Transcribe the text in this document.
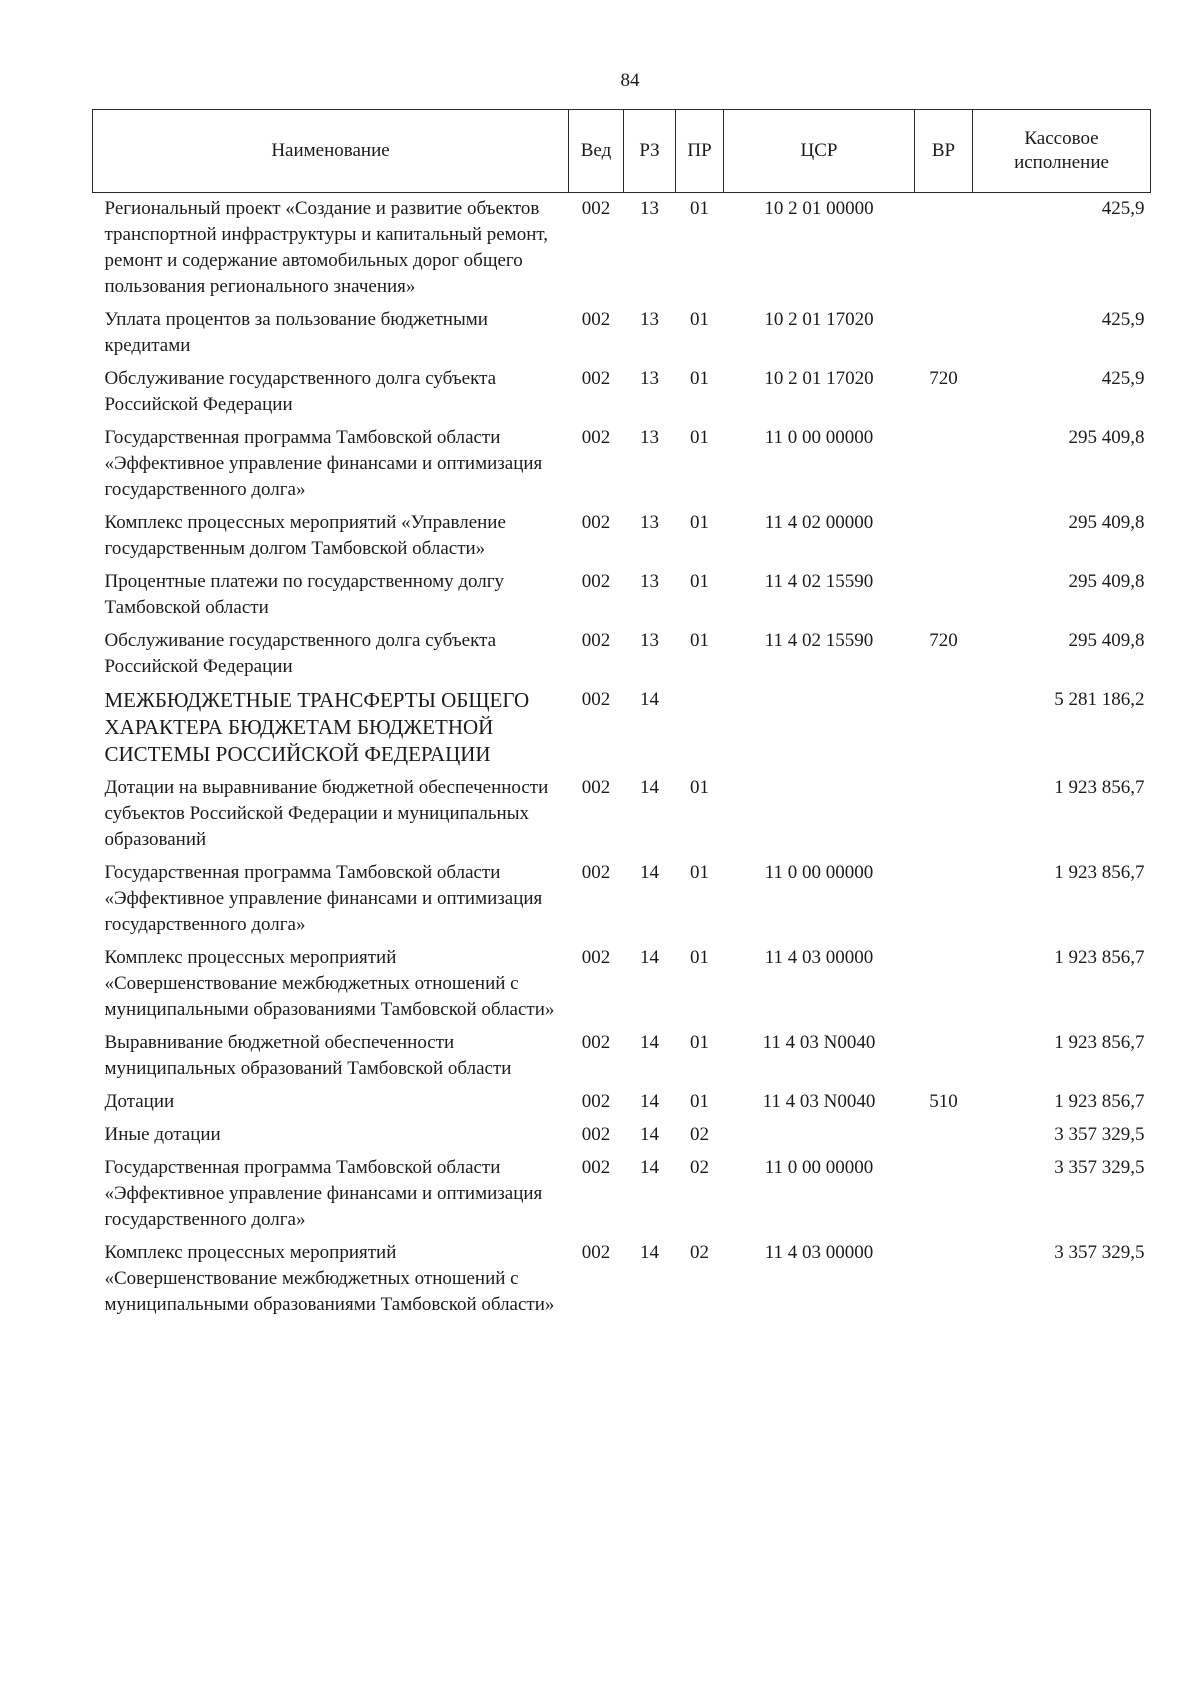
84
Наименование	Вед	РЗ	ПР	ЦСР	ВР	Кассовое исполнение
Региональный проект «Создание и развитие объектов транспортной инфраструктуры и капитальный ремонт, ремонт и содержание автомобильных дорог общего пользования регионального значения»	002	13	01	10 2 01 00000		425,9
Уплата процентов за пользование бюджетными кредитами	002	13	01	10 2 01 17020		425,9
Обслуживание государственного долга субъекта Российской Федерации	002	13	01	10 2 01 17020	720	425,9
Государственная программа Тамбовской области «Эффективное управление финансами и оптимизация государственного долга»	002	13	01	11 0 00 00000		295 409,8
Комплекс процессных мероприятий «Управление государственным долгом Тамбовской области»	002	13	01	11 4 02 00000		295 409,8
Процентные платежи по государственному долгу Тамбовской области	002	13	01	11 4 02 15590		295 409,8
Обслуживание государственного долга субъекта Российской Федерации	002	13	01	11 4 02 15590	720	295 409,8
МЕЖБЮДЖЕТНЫЕ ТРАНСФЕРТЫ ОБЩЕГО ХАРАКТЕРА БЮДЖЕТАМ БЮДЖЕТНОЙ СИСТЕМЫ РОССИЙСКОЙ ФЕДЕРАЦИИ	002	14				5 281 186,2
Дотации на выравнивание бюджетной обеспеченности субъектов Российской Федерации и муниципальных образований	002	14	01			1 923 856,7
Государственная программа Тамбовской области «Эффективное управление финансами и оптимизация государственного долга»	002	14	01	11 0 00 00000		1 923 856,7
Комплекс процессных мероприятий «Совершенствование межбюджетных отношений с муниципальными образованиями Тамбовской области»	002	14	01	11 4 03 00000		1 923 856,7
Выравнивание бюджетной обеспеченности муниципальных образований Тамбовской области	002	14	01	11 4 03 N0040		1 923 856,7
Дотации	002	14	01	11 4 03 N0040	510	1 923 856,7
Иные дотации	002	14	02			3 357 329,5
Государственная программа Тамбовской области «Эффективное управление финансами и оптимизация государственного долга»	002	14	02	11 0 00 00000		3 357 329,5
Комплекс процессных мероприятий «Совершенствование межбюджетных отношений с муниципальными образованиями Тамбовской области»	002	14	02	11 4 03 00000		3 357 329,5
